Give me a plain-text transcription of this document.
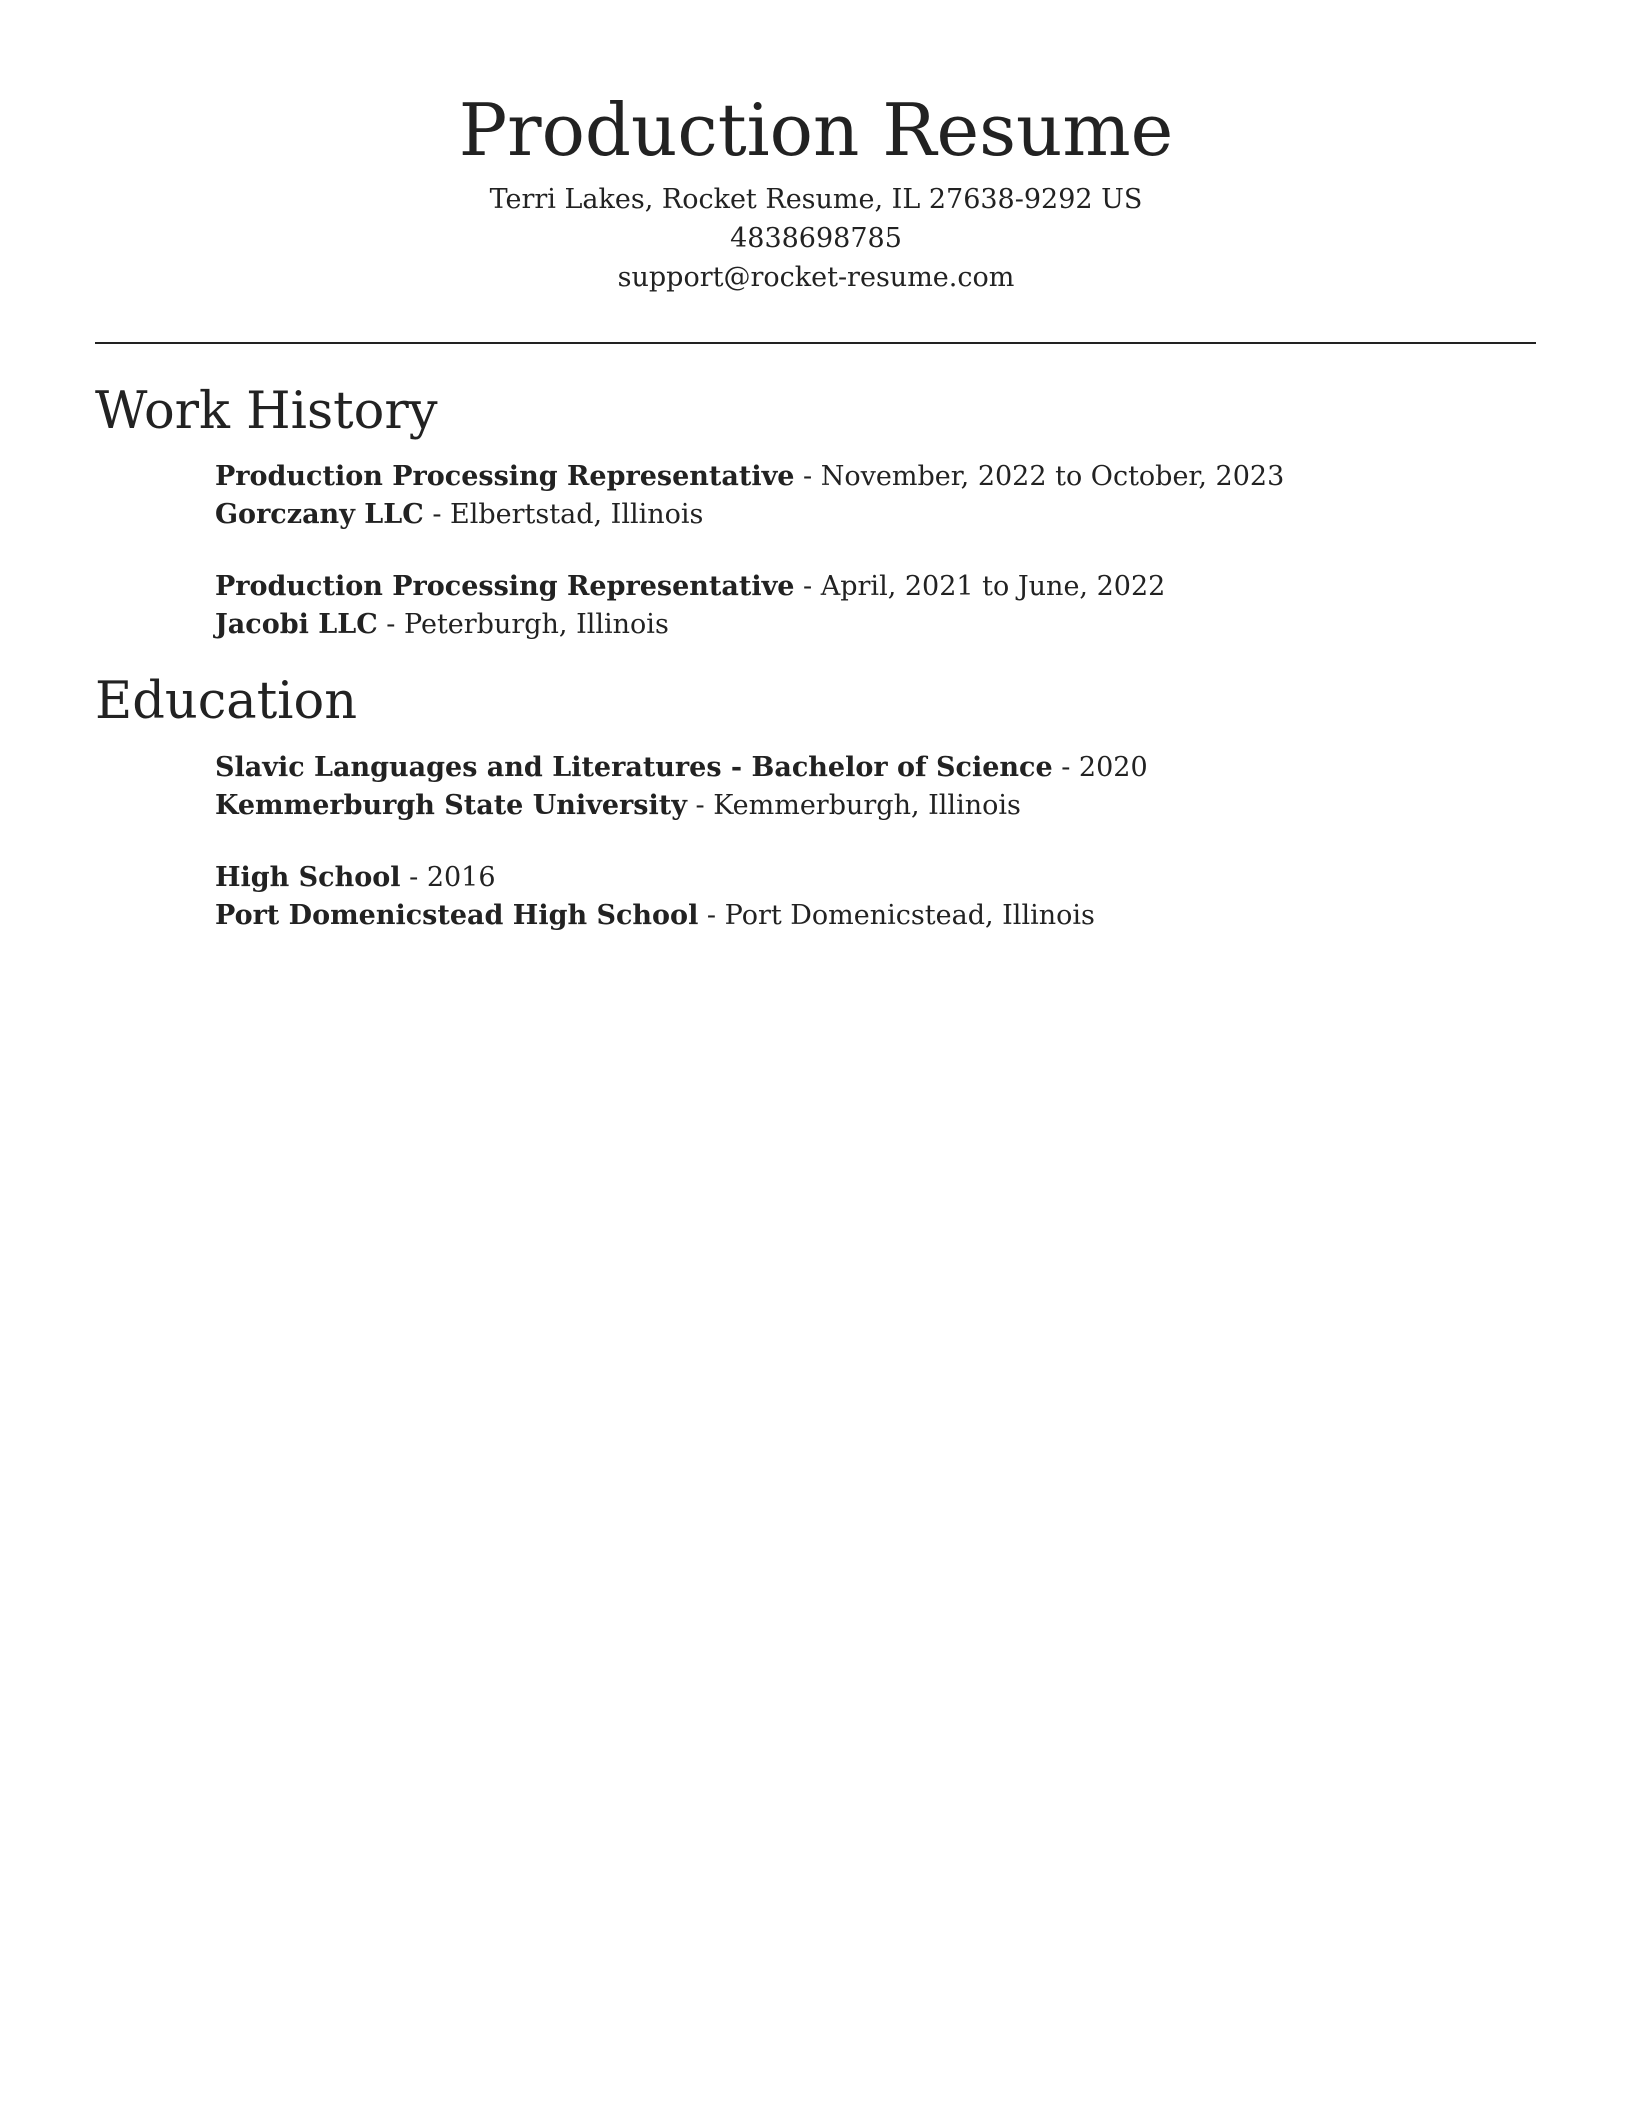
Production Resume

Terri Lakes, Rocket Resume, IL 27638-9292 US

4838698785

support@rocket-resume.com

Work History

Production Processing Representative - November, 2022 to October, 2023

Gorczany LLC - Elbertstad, Illinois

Production Processing Representative - April, 2021 to June, 2022

Jacobi LLC - Peterburgh, Illinois

Education

Slavic Languages and Literatures - Bachelor of Science - 2020

Kemmerburgh State University - Kemmerburgh, Illinois

High School - 2016

Port Domenicstead High School - Port Domenicstead, Illinois
